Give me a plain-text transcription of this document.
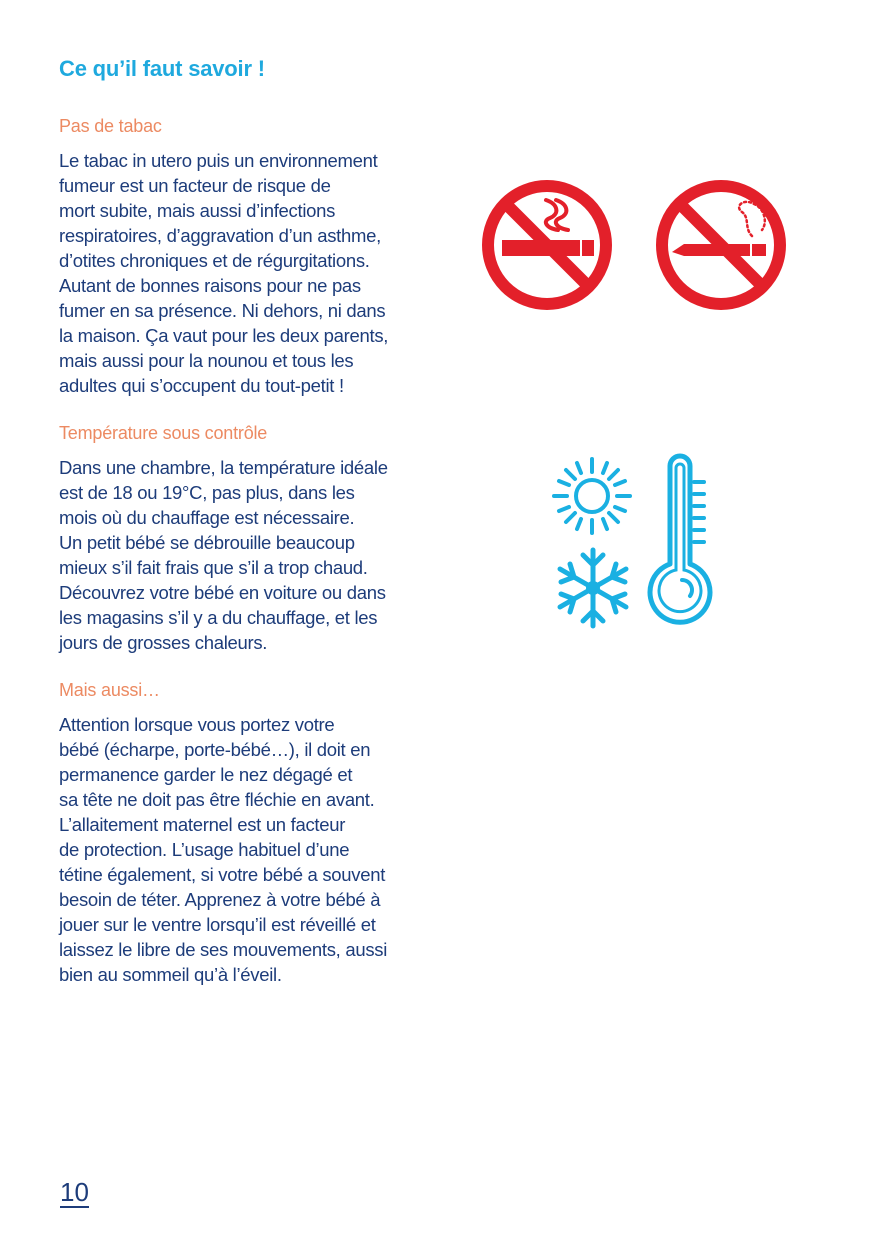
Ce qu’il faut savoir !
Pas de tabac
Le tabac in utero puis un environnement
fumeur est un facteur de risque de
mort subite, mais aussi d’infections
respiratoires, d’aggravation d’un asthme,
d’otites chroniques et de régurgitations.
Autant de bonnes raisons pour ne pas
fumer en sa présence. Ni dehors, ni dans
la maison. Ça vaut pour les deux parents,
mais aussi pour la nounou et tous les
adultes qui s’occupent du tout-petit !
Température sous contrôle
Dans une chambre, la température idéale
est de 18 ou 19°C, pas plus, dans les
mois où du chauffage est nécessaire.
Un petit bébé se débrouille beaucoup
mieux s’il fait frais que s’il a trop chaud.
Découvrez votre bébé en voiture ou dans
les magasins s’il y a du chauffage, et les
jours de grosses chaleurs.
Mais aussi…
Attention lorsque vous portez votre
bébé (écharpe, porte-bébé…), il doit en
permanence garder le nez dégagé et
sa tête ne doit pas être fléchie en avant.
L’allaitement maternel est un facteur
de protection. L’usage habituel d’une
tétine également, si votre bébé a souvent
besoin de téter. Apprenez à votre bébé à
jouer sur le ventre lorsqu’il est réveillé et
laissez le libre de ses mouvements, aussi
bien au sommeil qu’à l’éveil.
10
